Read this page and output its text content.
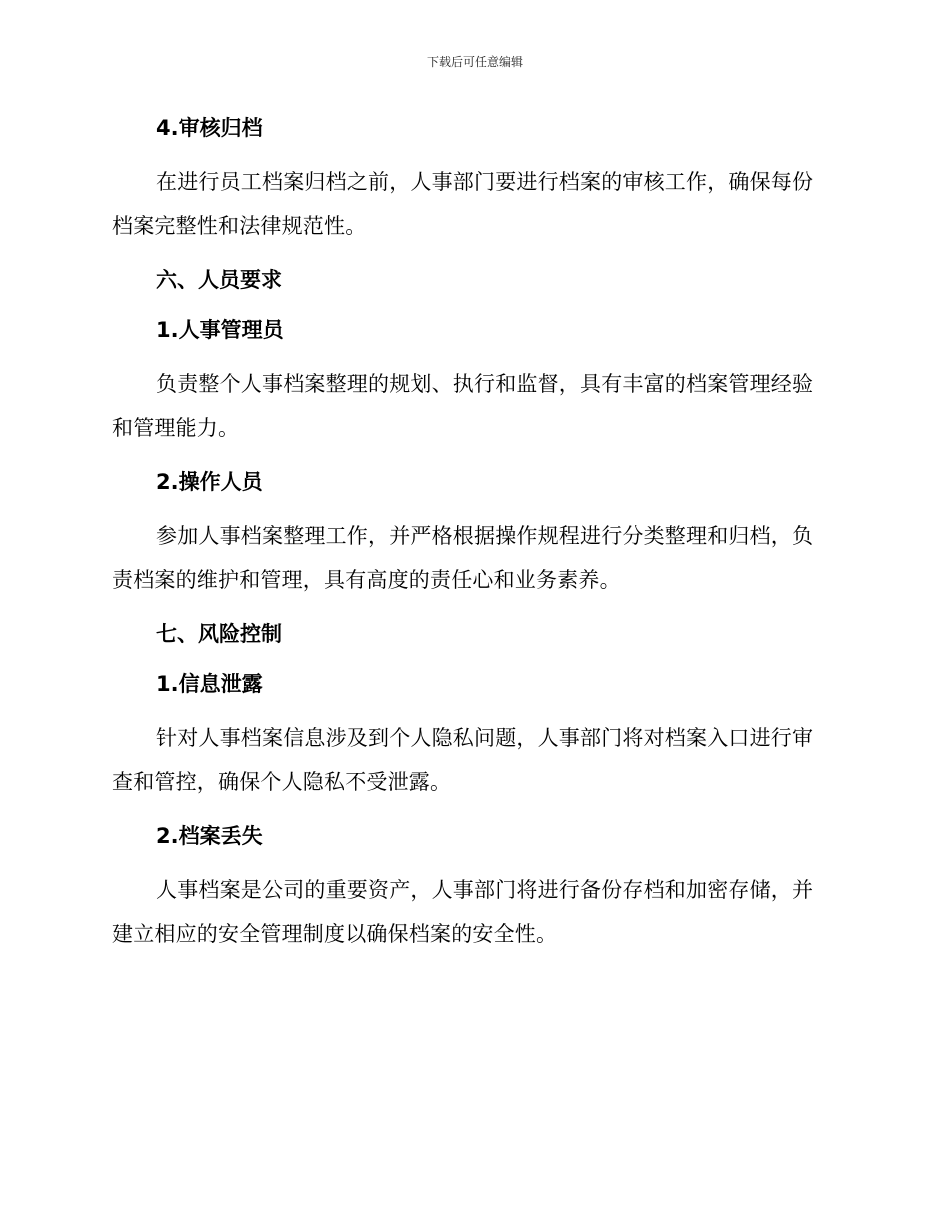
下载后可任意编辑
4.审核归档

在进行员工档案归档之前，人事部门要进行档案的审核工作，确保每份档案完整性和法律规范性。

六、人员要求
1.人事管理员

负责整个人事档案整理的规划、执行和监督，具有丰富的档案管理经验和管理能力。

2.操作人员

参加人事档案整理工作，并严格根据操作规程进行分类整理和归档，负责档案的维护和管理，具有高度的责任心和业务素养。

七、风险控制
1.信息泄露

针对人事档案信息涉及到个人隐私问题，人事部门将对档案入口进行审查和管控，确保个人隐私不受泄露。

2.档案丢失

人事档案是公司的重要资产，人事部门将进行备份存档和加密存储，并建立相应的安全管理制度以确保档案的安全性。
